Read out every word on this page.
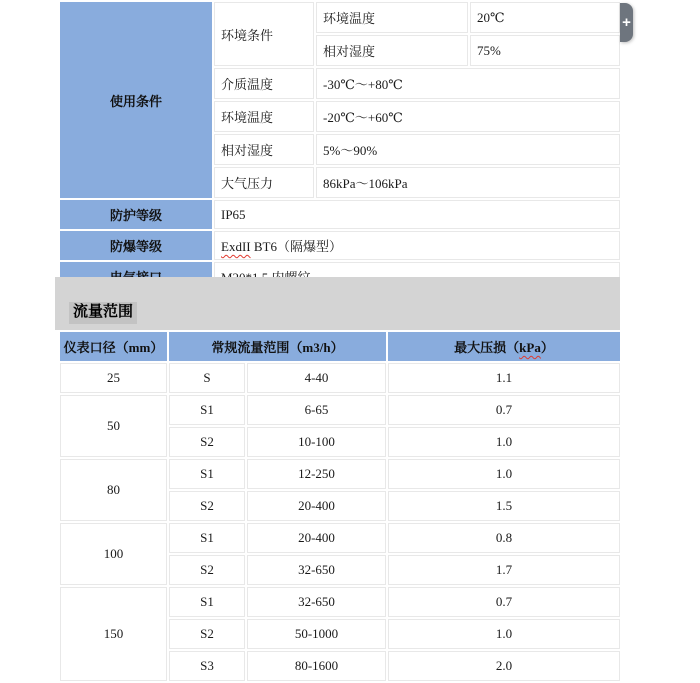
使用条件	环境条件	环境温度	20℃
		相对湿度	75%
	介质温度	-30℃～+80℃	
	环境温度	-20℃～+60℃	
	相对湿度	5%～90%	
	大气压力	86kPa～106kPa	
防护等级	IP65		
防爆等级	ExdII BT6（隔爆型）		

流量范围
仪表口径（mm）	常规流量范围（m3/h）		最大压损（kPa）
25	S	4-40	1.1
50	S1	6-65	0.7
	S2	10-100	1.0
80	S1	12-250	1.0
	S2	20-400	1.5
100	S1	20-400	0.8
	S2	32-650	1.7
150	S1	32-650	0.7
	S2	50-1000	1.0
	S3	80-1600	2.0
+
